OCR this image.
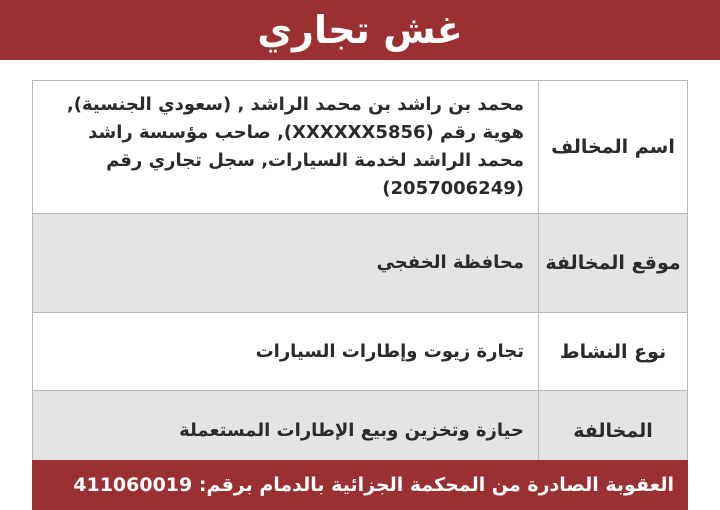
غش تجاري
اسم المخالف	محمد بن راشد بن محمد الراشد , (سعودي الجنسية), هوية رقم (XXXXXX5856), صاحب مؤسسة راشد محمد الراشد لخدمة السيارات, سجل تجاري رقم (2057006249)
موقع المخالفة	محافظة الخفجي
نوع النشاط	تجارة زيوت وإطارات السيارات
المخالفة	حيازة وتخزين وبيع الإطارات المستعملة
العقوبة الصادرة من المحكمة الجزائية بالدمام برقم: 411060019
